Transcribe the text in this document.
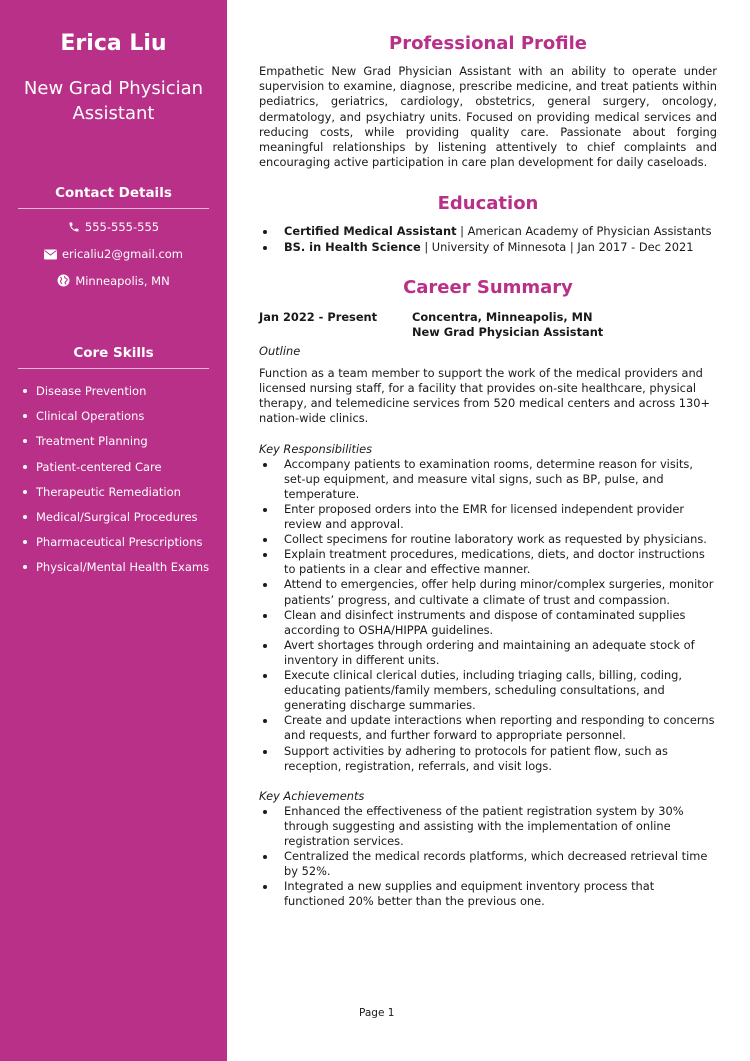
Erica Liu
New Grad Physician Assistant
Contact Details
555-555-555
ericaliu2@gmail.com
Minneapolis, MN
Core Skills
Disease Prevention
Clinical Operations
Treatment Planning
Patient-centered Care
Therapeutic Remediation
Medical/Surgical Procedures
Pharmaceutical Prescriptions
Physical/Mental Health Exams
Professional Profile

Empathetic New Grad Physician Assistant with an ability to operate under supervision to examine, diagnose, prescribe medicine, and treat patients within pediatrics, geriatrics, cardiology, obstetrics, general surgery, oncology, dermatology, and psychiatry units. Focused on providing medical services and reducing costs, while providing quality care. Passionate about forging meaningful relationships by listening attentively to chief complaints and encouraging active participation in care plan development for daily caseloads.

Education
Certified Medical Assistant | American Academy of Physician Assistants
BS. in Health Science | University of Minnesota | Jan 2017 - Dec 2021
Career Summary
Jan 2022 - Present	Concentra, Minneapolis, MN
New Grad Physician Assistant
Outline

Function as a team member to support the work of the medical providers and licensed nursing staff, for a facility that provides on-site healthcare, physical therapy, and telemedicine services from 520 medical centers and across 130+ nation-wide clinics.

Key Responsibilities
Accompany patients to examination rooms, determine reason for visits, set-up equipment, and measure vital signs, such as BP, pulse, and temperature.
Enter proposed orders into the EMR for licensed independent provider review and approval.
Collect specimens for routine laboratory work as requested by physicians.
Explain treatment procedures, medications, diets, and doctor instructions to patients in a clear and effective manner.
Attend to emergencies, offer help during minor/complex surgeries, monitor patients’ progress, and cultivate a climate of trust and compassion.
Clean and disinfect instruments and dispose of contaminated supplies according to OSHA/HIPPA guidelines.
Avert shortages through ordering and maintaining an adequate stock of inventory in different units.
Execute clinical clerical duties, including triaging calls, billing, coding, educating patients/family members, scheduling consultations, and generating discharge summaries.
Create and update interactions when reporting and responding to concerns and requests, and further forward to appropriate personnel.
Support activities by adhering to protocols for patient flow, such as reception, registration, referrals, and visit logs.
Key Achievements
Enhanced the effectiveness of the patient registration system by 30% through suggesting and assisting with the implementation of online registration services.
Centralized the medical records platforms, which decreased retrieval time by 52%.
Integrated a new supplies and equipment inventory process that functioned 20% better than the previous one.
Page 1
